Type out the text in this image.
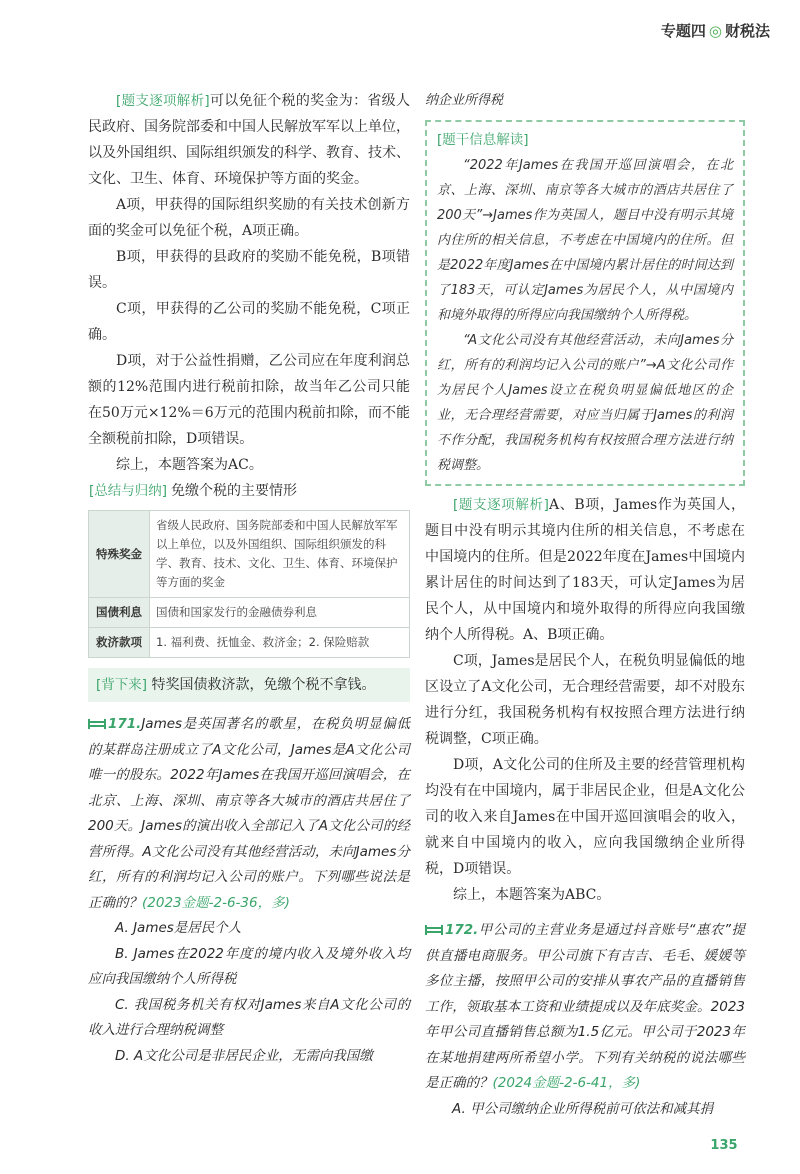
专题四 ◎ 财税法

[题支逐项解析]可以免征个税的奖金为：省级人民政府、国务院部委和中国人民解放军军以上单位，以及外国组织、国际组织颁发的科学、教育、技术、文化、卫生、体育、环境保护等方面的奖金。

A项，甲获得的国际组织奖励的有关技术创新方面的奖金可以免征个税，A项正确。

B项，甲获得的县政府的奖励不能免税，B项错误。

C项，甲获得的乙公司的奖励不能免税，C项正确。

D项，对于公益性捐赠，乙公司应在年度利润总额的12%范围内进行税前扣除，故当年乙公司只能在50万元×12%＝6万元的范围内税前扣除，而不能全额税前扣除，D项错误。

综上，本题答案为AC。

[总结与归纳] 免缴个税的主要情形
特殊奖金	省级人民政府、国务院部委和中国人民解放军军以上单位，以及外国组织、国际组织颁发的科学、教育、技术、文化、卫生、体育、环境保护等方面的奖金
国债利息	国债和国家发行的金融债券利息
救济款项	1. 福利费、抚恤金、救济金；2. 保险赔款
[背下来] 特奖国债救济款，免缴个税不拿钱。

171.James是英国著名的歌星，在税负明显偏低的某群岛注册成立了A文化公司，James是A文化公司唯一的股东。2022年James在我国开巡回演唱会，在北京、上海、深圳、南京等各大城市的酒店共居住了200天。James的演出收入全部记入了A文化公司的经营所得。A文化公司没有其他经营活动，未向James分红，所有的利润均记入公司的账户。下列哪些说法是正确的？(2023金题-2-6-36，多)

A. James是居民个人

B. James在2022年度的境内收入及境外收入均应向我国缴纳个人所得税

C. 我国税务机关有权对James来自A文化公司的收入进行合理纳税调整

D. A文化公司是非居民企业，无需向我国缴

纳企业所得税

[题干信息解读]

“2022年James在我国开巡回演唱会，在北京、上海、深圳、南京等各大城市的酒店共居住了200天”→James作为英国人，题目中没有明示其境内住所的相关信息，不考虑在中国境内的住所。但是2022年度James在中国境内累计居住的时间达到了183天，可认定James为居民个人，从中国境内和境外取得的所得应向我国缴纳个人所得税。

“A文化公司没有其他经营活动，未向James分红，所有的利润均记入公司的账户”→A文化公司作为居民个人James设立在税负明显偏低地区的企业，无合理经营需要，对应当归属于James的利润不作分配，我国税务机构有权按照合理方法进行纳税调整。

[题支逐项解析]A、B项，James作为英国人，题目中没有明示其境内住所的相关信息，不考虑在中国境内的住所。但是2022年度在James中国境内累计居住的时间达到了183天，可认定James为居民个人，从中国境内和境外取得的所得应向我国缴纳个人所得税。A、B项正确。

C项，James是居民个人，在税负明显偏低的地区设立了A文化公司，无合理经营需要，却不对股东进行分红，我国税务机构有权按照合理方法进行纳税调整，C项正确。

D项，A文化公司的住所及主要的经营管理机构均没有在中国境内，属于非居民企业，但是A文化公司的收入来自James在中国开巡回演唱会的收入，就来自中国境内的收入，应向我国缴纳企业所得税，D项错误。

综上，本题答案为ABC。

172.甲公司的主营业务是通过抖音账号“惠农”提供直播电商服务。甲公司旗下有吉吉、毛毛、媛媛等多位主播，按照甲公司的安排从事农产品的直播销售工作，领取基本工资和业绩提成以及年底奖金。2023年甲公司直播销售总额为1.5亿元。甲公司于2023年在某地捐建两所希望小学。下列有关纳税的说法哪些是正确的？(2024金题-2-6-41，多)

A. 甲公司缴纳企业所得税前可依法和减其捐

135
